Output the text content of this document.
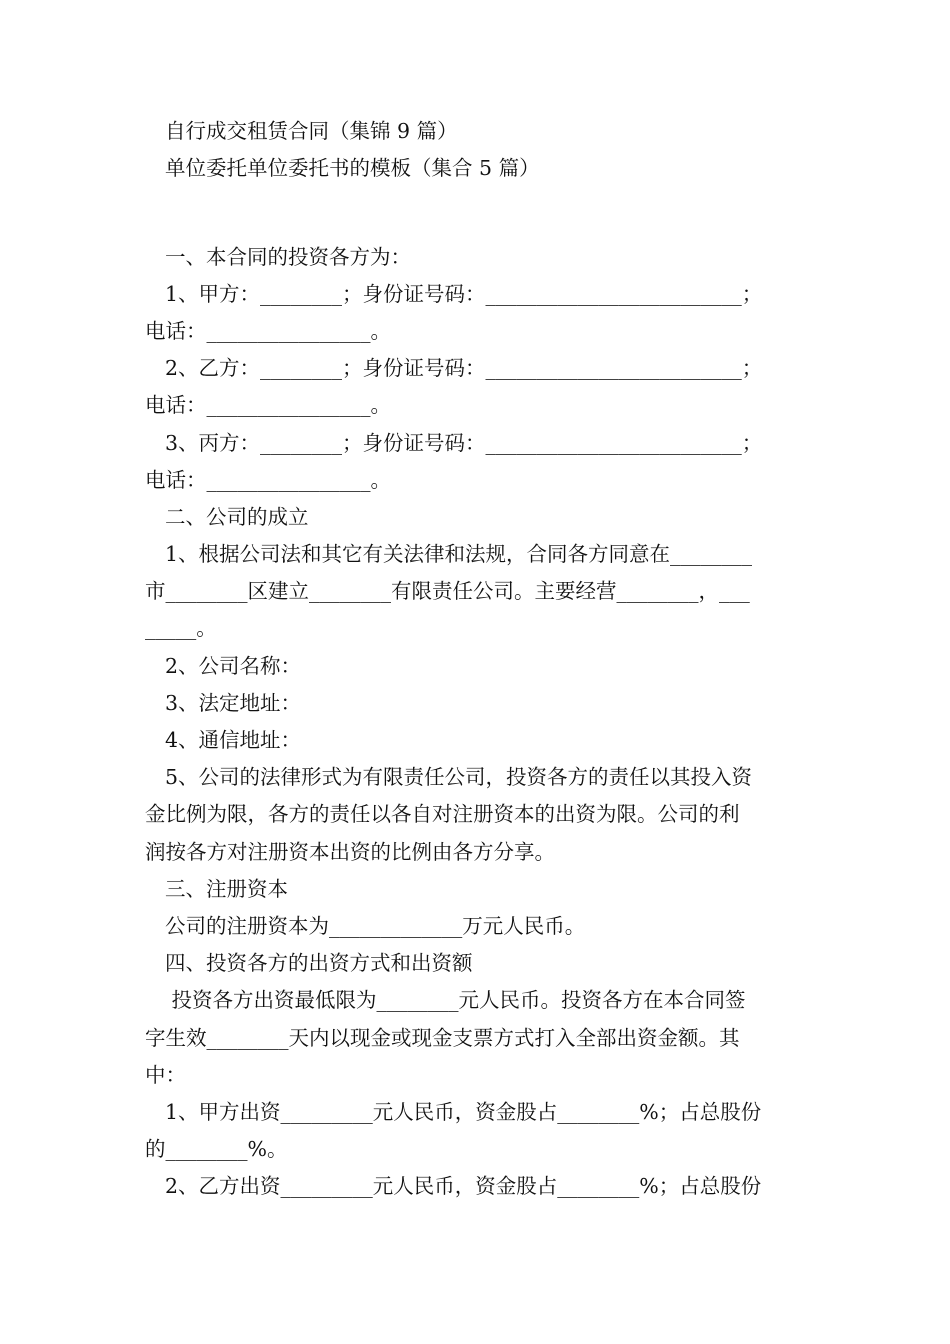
自行成交租赁合同（集锦 9 篇）
单位委托单位委托书的模板（集合 5 篇）
一、本合同的投资各方为：
1、甲方：________；身份证号码：_________________________；
电话：________________。
2、乙方：________；身份证号码：_________________________；
电话：________________。
3、丙方：________；身份证号码：_________________________；
电话：________________。
二、公司的成立
1、根据公司法和其它有关法律和法规，合同各方同意在________
市________区建立________有限责任公司。主要经营________，___
_____。
2、公司名称：
3、法定地址：
4、通信地址：
5、公司的法律形式为有限责任公司，投资各方的责任以其投入资
金比例为限，各方的责任以各自对注册资本的出资为限。公司的利
润按各方对注册资本出资的比例由各方分享。
三、注册资本
公司的注册资本为_____________万元人民币。
四、投资各方的出资方式和出资额
投资各方出资最低限为________元人民币。投资各方在本合同签
字生效________天内以现金或现金支票方式打入全部出资金额。其
中：
1、甲方出资_________元人民币，资金股占________%；占总股份
的________%。
2、乙方出资_________元人民币，资金股占________%；占总股份
